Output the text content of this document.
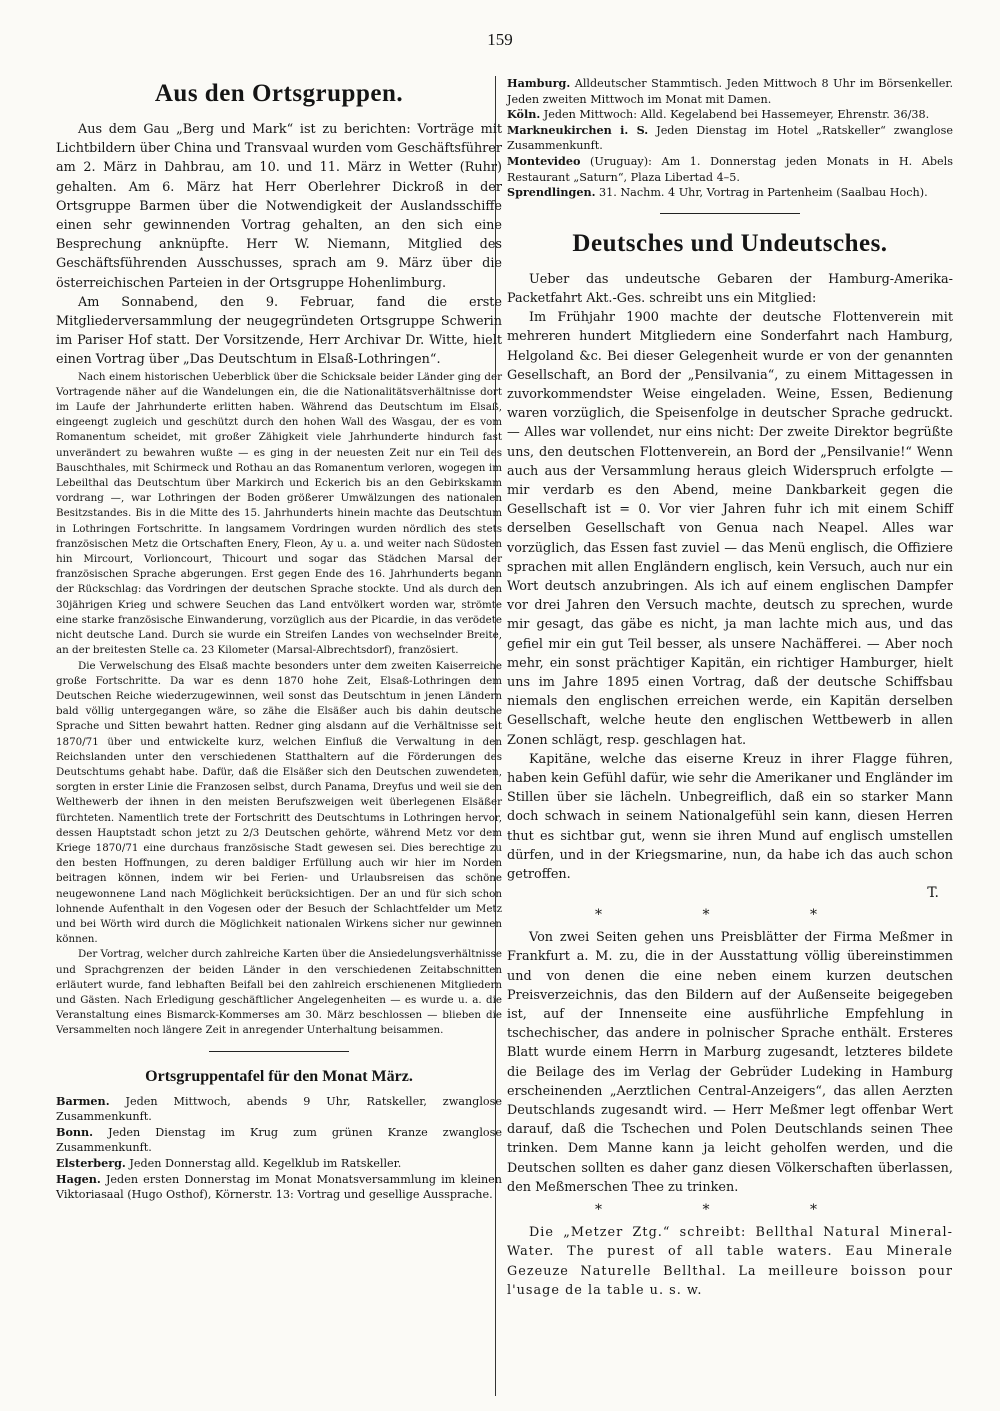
159
Aus den Ortsgruppen.

Aus dem Gau „Berg und Mark“ ist zu berichten: Vorträge mit Lichtbildern über China und Transvaal wurden vom Geschäftsführer am 2. März in Dahbrau, am 10. und 11. März in Wetter (Ruhr) gehalten. Am 6. März hat Herr Oberlehrer Dickroß in der Ortsgruppe Barmen über die Notwendigkeit der Auslandsschiffe einen sehr gewinnenden Vortrag gehalten, an den sich eine Besprechung anknüpfte. Herr W. Niemann, Mitglied des Geschäftsführenden Ausschusses, sprach am 9. März über die österreichischen Parteien in der Ortsgruppe Hohenlimburg.

Am Sonnabend, den 9. Februar, fand die erste Mitgliederversammlung der neugegründeten Ortsgruppe Schwerin im Pariser Hof statt. Der Vorsitzende, Herr Archivar Dr. Witte, hielt einen Vortrag über „Das Deutschtum in Elsaß-Lothringen“.

Nach einem historischen Ueberblick über die Schicksale beider Länder ging der Vortragende näher auf die Wandelungen ein, die die Nationalitätsverhältnisse dort im Laufe der Jahrhunderte erlitten haben. Während das Deutschtum im Elsaß, eingeengt zugleich und geschützt durch den hohen Wall des Wasgau, der es vom Romanentum scheidet, mit großer Zähigkeit viele Jahrhunderte hindurch fast unverändert zu bewahren wußte — es ging in der neuesten Zeit nur ein Teil des Bauschthales, mit Schirmeck und Rothau an das Romanentum verloren, wogegen im Lebeilthal das Deutschtum über Markirch und Eckerich bis an den Gebirkskamm vordrang —, war Lothringen der Boden größerer Umwälzungen des nationalen Besitzstandes. Bis in die Mitte des 15. Jahrhunderts hinein machte das Deutschtum in Lothringen Fortschritte. In langsamem Vordringen wurden nördlich des stets französischen Metz die Ortschaften Enery, Fleon, Ay u. a. und weiter nach Südosten hin Mircourt, Vorlioncourt, Thicourt und sogar das Städchen Marsal der französischen Sprache abgerungen. Erst gegen Ende des 16. Jahrhunderts begann der Rückschlag: das Vordringen der deutschen Sprache stockte. Und als durch den 30jährigen Krieg und schwere Seuchen das Land entvölkert worden war, strömte eine starke französische Einwanderung, vorzüglich aus der Picardie, in das verödete nicht deutsche Land. Durch sie wurde ein Streifen Landes von wechselnder Breite, an der breitesten Stelle ca. 23 Kilometer (Marsal-Albrechtsdorf), französiert.

Die Verwelschung des Elsaß machte besonders unter dem zweiten Kaiserreiche große Fortschritte. Da war es denn 1870 hohe Zeit, Elsaß-Lothringen dem Deutschen Reiche wiederzugewinnen, weil sonst das Deutschtum in jenen Ländern bald völlig untergegangen wäre, so zähe die Elsäßer auch bis dahin deutsche Sprache und Sitten bewahrt hatten. Redner ging alsdann auf die Verhältnisse seit 1870/71 über und entwickelte kurz, welchen Einfluß die Verwaltung in den Reichslanden unter den verschiedenen Statthaltern auf die Förderungen des Deutschtums gehabt habe. Dafür, daß die Elsäßer sich den Deutschen zuwendeten, sorgten in erster Linie die Franzosen selbst, durch Panama, Dreyfus und weil sie den Welthewerb der ihnen in den meisten Berufszweigen weit überlegenen Elsäßer fürchteten. Namentlich trete der Fortschritt des Deutschtums in Lothringen hervor, dessen Hauptstadt schon jetzt zu 2/3 Deutschen gehörte, während Metz vor dem Kriege 1870/71 eine durchaus französische Stadt gewesen sei. Dies berechtige zu den besten Hoffnungen, zu deren baldiger Erfüllung auch wir hier im Norden beitragen können, indem wir bei Ferien- und Urlaubsreisen das schöne neugewonnene Land nach Möglichkeit berücksichtigen. Der an und für sich schon lohnende Aufenthalt in den Vogesen oder der Besuch der Schlachtfelder um Metz und bei Wörth wird durch die Möglichkeit nationalen Wirkens sicher nur gewinnen können.

Der Vortrag, welcher durch zahlreiche Karten über die Ansiedelungsverhältnisse und Sprachgrenzen der beiden Länder in den verschiedenen Zeitabschnitten erläutert wurde, fand lebhaften Beifall bei den zahlreich erschienenen Mitgliedern und Gästen. Nach Erledigung geschäftlicher Angelegenheiten — es wurde u. a. die Veranstaltung eines Bismarck-Kommerses am 30. März beschlossen — blieben die Versammelten noch längere Zeit in anregender Unterhaltung beisammen.

Ortsgruppentafel für den Monat März.
Barmen. Jeden Mittwoch, abends 9 Uhr, Ratskeller, zwanglose Zusammenkunft.
Bonn. Jeden Dienstag im Krug zum grünen Kranze zwanglose Zusammenkunft.
Elsterberg. Jeden Donnerstag alld. Kegelklub im Ratskeller.
Hagen. Jeden ersten Donnerstag im Monat Monatsversammlung im kleinen Viktoriasaal (Hugo Osthof), Körnerstr. 13: Vortrag und gesellige Aussprache.
Hamburg. Alldeutscher Stammtisch. Jeden Mittwoch 8 Uhr im Börsenkeller. Jeden zweiten Mittwoch im Monat mit Damen.
Köln. Jeden Mittwoch: Alld. Kegelabend bei Hassemeyer, Ehrenstr. 36/38.
Markneukirchen i. S. Jeden Dienstag im Hotel „Ratskeller“ zwanglose Zusammenkunft.
Montevideo (Uruguay): Am 1. Donnerstag jeden Monats in H. Abels Restaurant „Saturn“, Plaza Libertad 4–5.
Sprendlingen. 31. Nachm. 4 Uhr, Vortrag in Partenheim (Saalbau Hoch).
Deutsches und Undeutsches.

Ueber das undeutsche Gebaren der Hamburg-Amerika-Packetfahrt Akt.-Ges. schreibt uns ein Mitglied:

Im Frühjahr 1900 machte der deutsche Flottenverein mit mehreren hundert Mitgliedern eine Sonderfahrt nach Hamburg, Helgoland &c. Bei dieser Gelegenheit wurde er von der genannten Gesellschaft, an Bord der „Pensilvania“, zu einem Mittagessen in zuvorkommendster Weise eingeladen. Weine, Essen, Bedienung waren vorzüglich, die Speisenfolge in deutscher Sprache gedruckt. — Alles war vollendet, nur eins nicht: Der zweite Direktor begrüßte uns, den deutschen Flottenverein, an Bord der „Pensilvanie!“ Wenn auch aus der Versammlung heraus gleich Widerspruch erfolgte — mir verdarb es den Abend, meine Dankbarkeit gegen die Gesellschaft ist = 0. Vor vier Jahren fuhr ich mit einem Schiff derselben Gesellschaft von Genua nach Neapel. Alles war vorzüglich, das Essen fast zuviel — das Menü englisch, die Offiziere sprachen mit allen Engländern englisch, kein Versuch, auch nur ein Wort deutsch anzubringen. Als ich auf einem englischen Dampfer vor drei Jahren den Versuch machte, deutsch zu sprechen, wurde mir gesagt, das gäbe es nicht, ja man lachte mich aus, und das gefiel mir ein gut Teil besser, als unsere Nachäfferei. — Aber noch mehr, ein sonst prächtiger Kapitän, ein richtiger Hamburger, hielt uns im Jahre 1895 einen Vortrag, daß der deutsche Schiffsbau niemals den englischen erreichen werde, ein Kapitän derselben Gesellschaft, welche heute den englischen Wettbewerb in allen Zonen schlägt, resp. geschlagen hat.

Kapitäne, welche das eiserne Kreuz in ihrer Flagge führen, haben kein Gefühl dafür, wie sehr die Amerikaner und Engländer im Stillen über sie lächeln. Unbegreiflich, daß ein so starker Mann doch schwach in seinem Nationalgefühl sein kann, diesen Herren thut es sichtbar gut, wenn sie ihren Mund auf englisch umstellen dürfen, und in der Kriegsmarine, nun, da habe ich das auch schon getroffen.

T.
* * *

Von zwei Seiten gehen uns Preisblätter der Firma Meßmer in Frankfurt a. M. zu, die in der Ausstattung völlig übereinstimmen und von denen die eine neben einem kurzen deutschen Preisverzeichnis, das den Bildern auf der Außenseite beigegeben ist, auf der Innenseite eine ausführliche Empfehlung in tschechischer, das andere in polnischer Sprache enthält. Ersteres Blatt wurde einem Herrn in Marburg zugesandt, letzteres bildete die Beilage des im Verlag der Gebrüder Ludeking in Hamburg erscheinenden „Aerztlichen Central-Anzeigers“, das allen Aerzten Deutschlands zugesandt wird. — Herr Meßmer legt offenbar Wert darauf, daß die Tschechen und Polen Deutschlands seinen Thee trinken. Dem Manne kann ja leicht geholfen werden, und die Deutschen sollten es daher ganz diesen Völkerschaften überlassen, den Meßmerschen Thee zu trinken.

* * *

Die „Metzer Ztg.“ schreibt: Bellthal Natural Mineral-Water. The purest of all table waters. Eau Minerale Gezeuze Naturelle Bellthal. La meilleure boisson pour l'usage de la table u. s. w.
